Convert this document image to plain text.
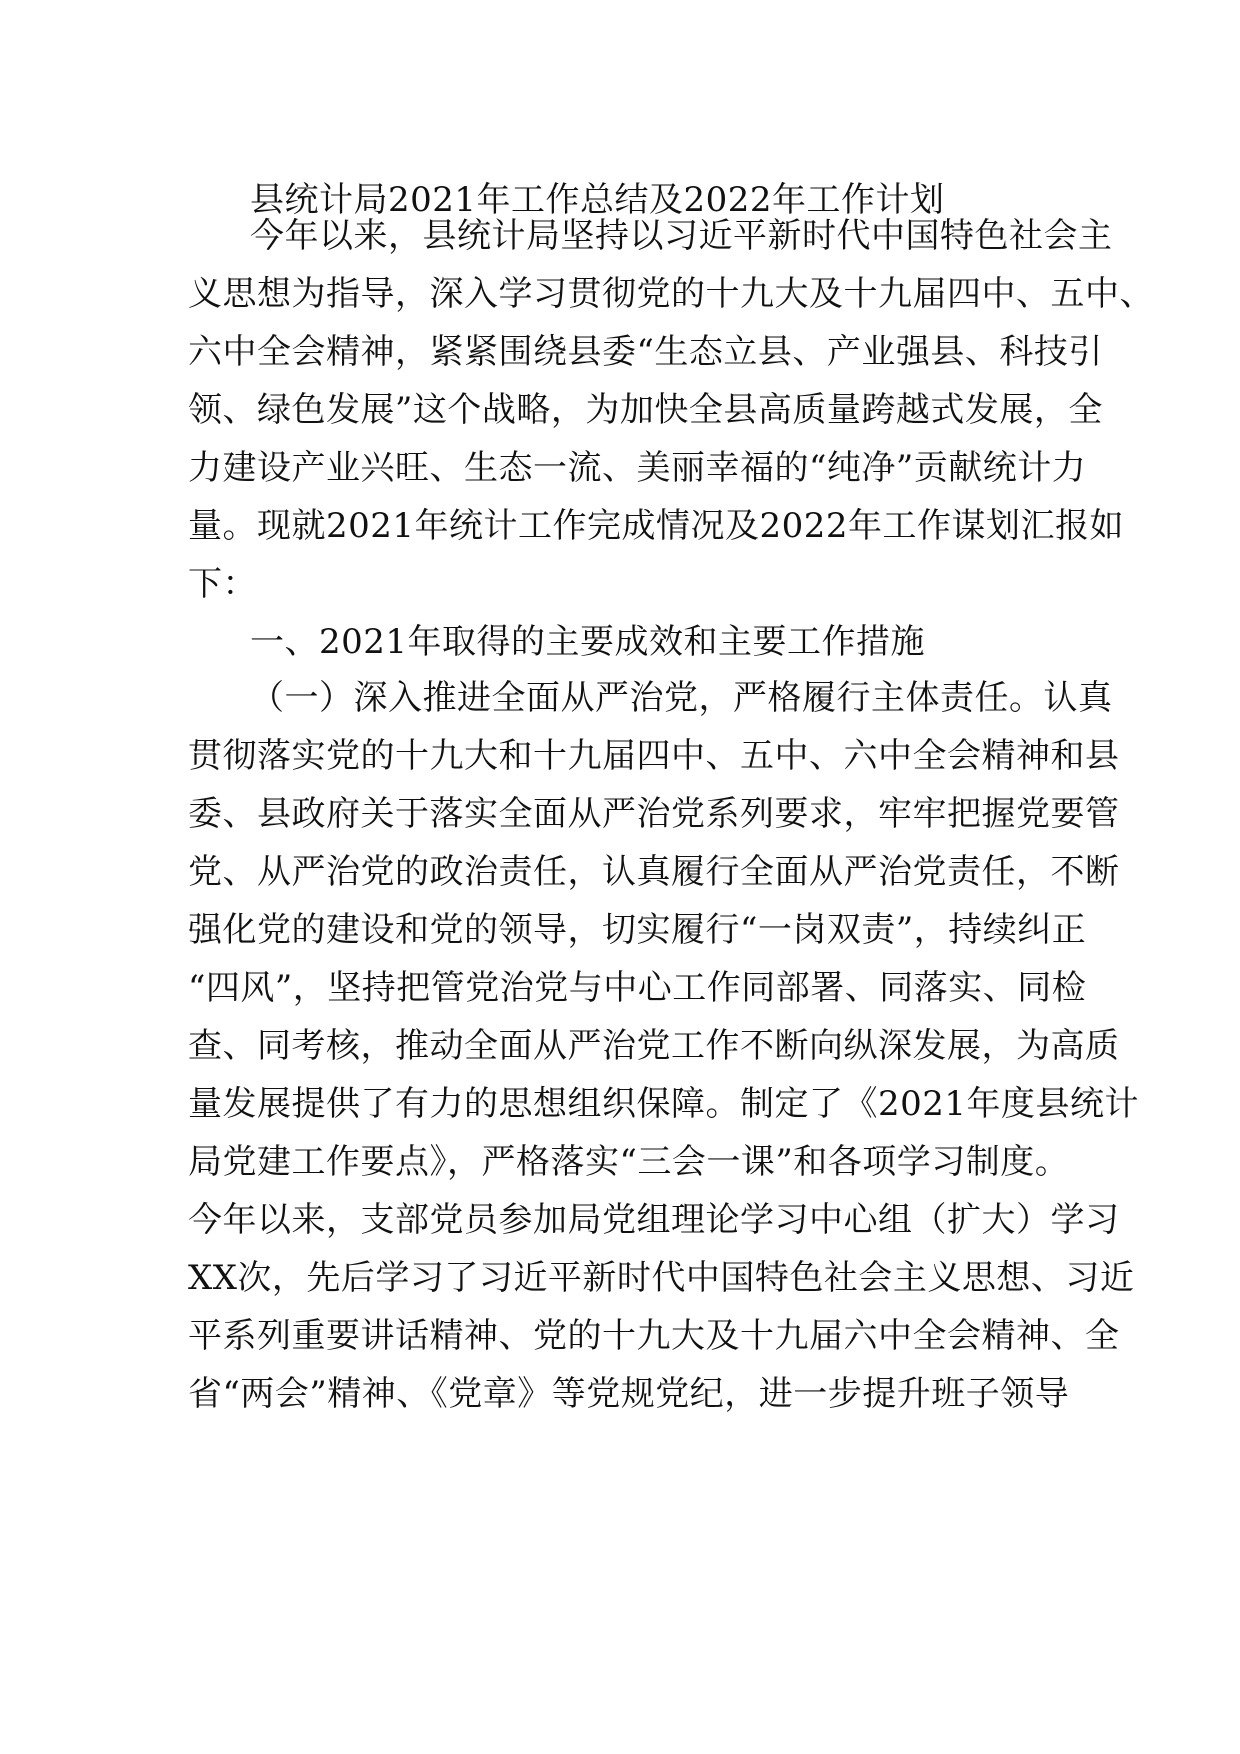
县统计局2021年工作总结及2022年工作计划
今年以来，县统计局坚持以习近平新时代中国特色社会主
义思想为指导，深入学习贯彻党的十九大及十九届四中、五中、
六中全会精神，紧紧围绕县委“生态立县、产业强县、科技引
领、绿色发展”这个战略，为加快全县高质量跨越式发展，全
力建设产业兴旺、生态一流、美丽幸福的“纯净”贡献统计力
量。现就2021年统计工作完成情况及2022年工作谋划汇报如
下：
一、2021年取得的主要成效和主要工作措施
（一）深入推进全面从严治党，严格履行主体责任。认真
贯彻落实党的十九大和十九届四中、五中、六中全会精神和县
委、县政府关于落实全面从严治党系列要求，牢牢把握党要管
党、从严治党的政治责任，认真履行全面从严治党责任，不断
强化党的建设和党的领导，切实履行“一岗双责”，持续纠正
“四风”，坚持把管党治党与中心工作同部署、同落实、同检
查、同考核，推动全面从严治党工作不断向纵深发展，为高质
量发展提供了有力的思想组织保障。制定了《2021年度县统计
局党建工作要点》，严格落实“三会一课”和各项学习制度。
今年以来，支部党员参加局党组理论学习中心组（扩大）学习
XX次，先后学习了习近平新时代中国特色社会主义思想、习近
平系列重要讲话精神、党的十九大及十九届六中全会精神、全
省“两会”精神、《党章》等党规党纪，进一步提升班子领导
